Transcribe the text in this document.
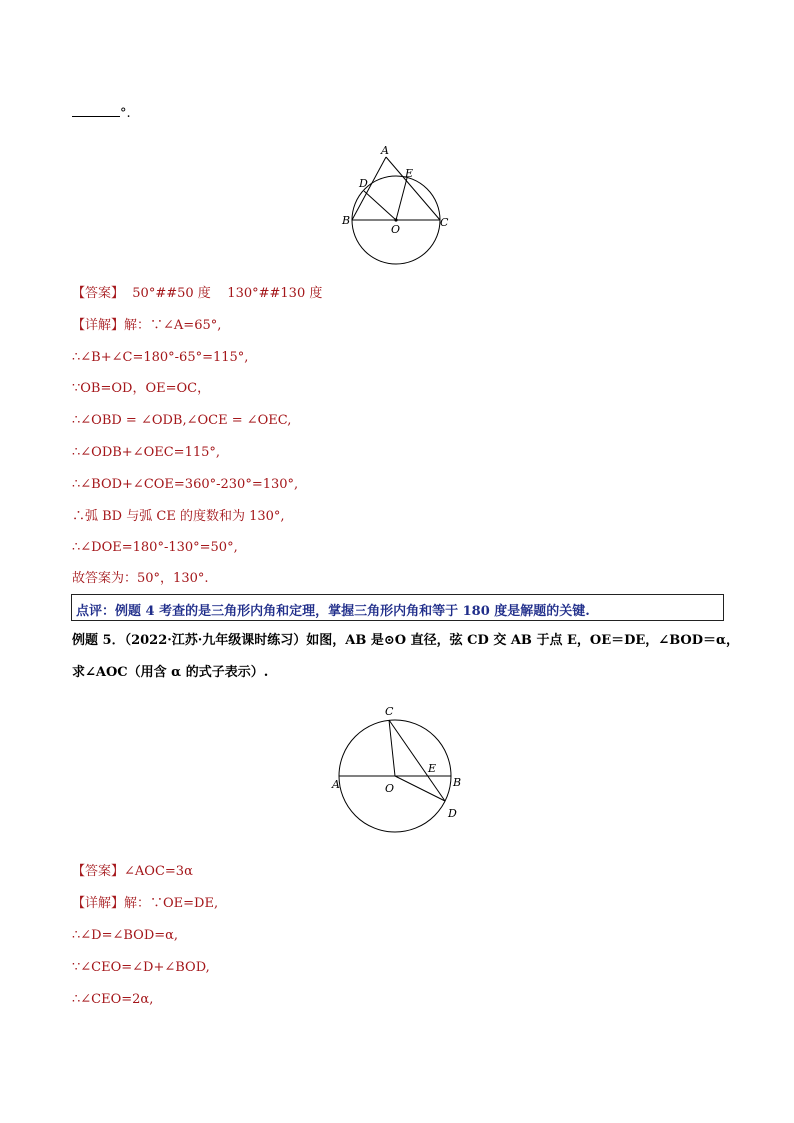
°.
A
B	C
D
E
O
【答案】 50°##50 度    130°##130 度
【详解】解：∵∠A=65°,
∴∠B+∠C=180°-65°=115°,
∵OB=OD，OE=OC，
∴∠OBD = ∠ODB,∠OCE = ∠OEC,
∴∠ODB+∠OEC=115°,
∴∠BOD+∠COE=360°-230°=130°,
∴弧 BD 与弧 CE 的度数和为 130°,
∴∠DOE=180°-130°=50°,
故答案为：50°，130°.
点评：例题 4 考查的是三角形内角和定理，掌握三角形内角和等于 180 度是解题的关键.
例题 5．（2022·江苏·九年级课时练习）如图，AB 是⊙O 直径，弦 CD 交 AB 于点 E，OE＝DE，∠BOD＝α，
求∠AOC（用含 α 的式子表示）.
A	B
C
D
E
O
【答案】∠AOC=3α
【详解】解：∵OE=DE,
∴∠D=∠BOD=α,
∵∠CEO=∠D+∠BOD,
∴∠CEO=2α,
